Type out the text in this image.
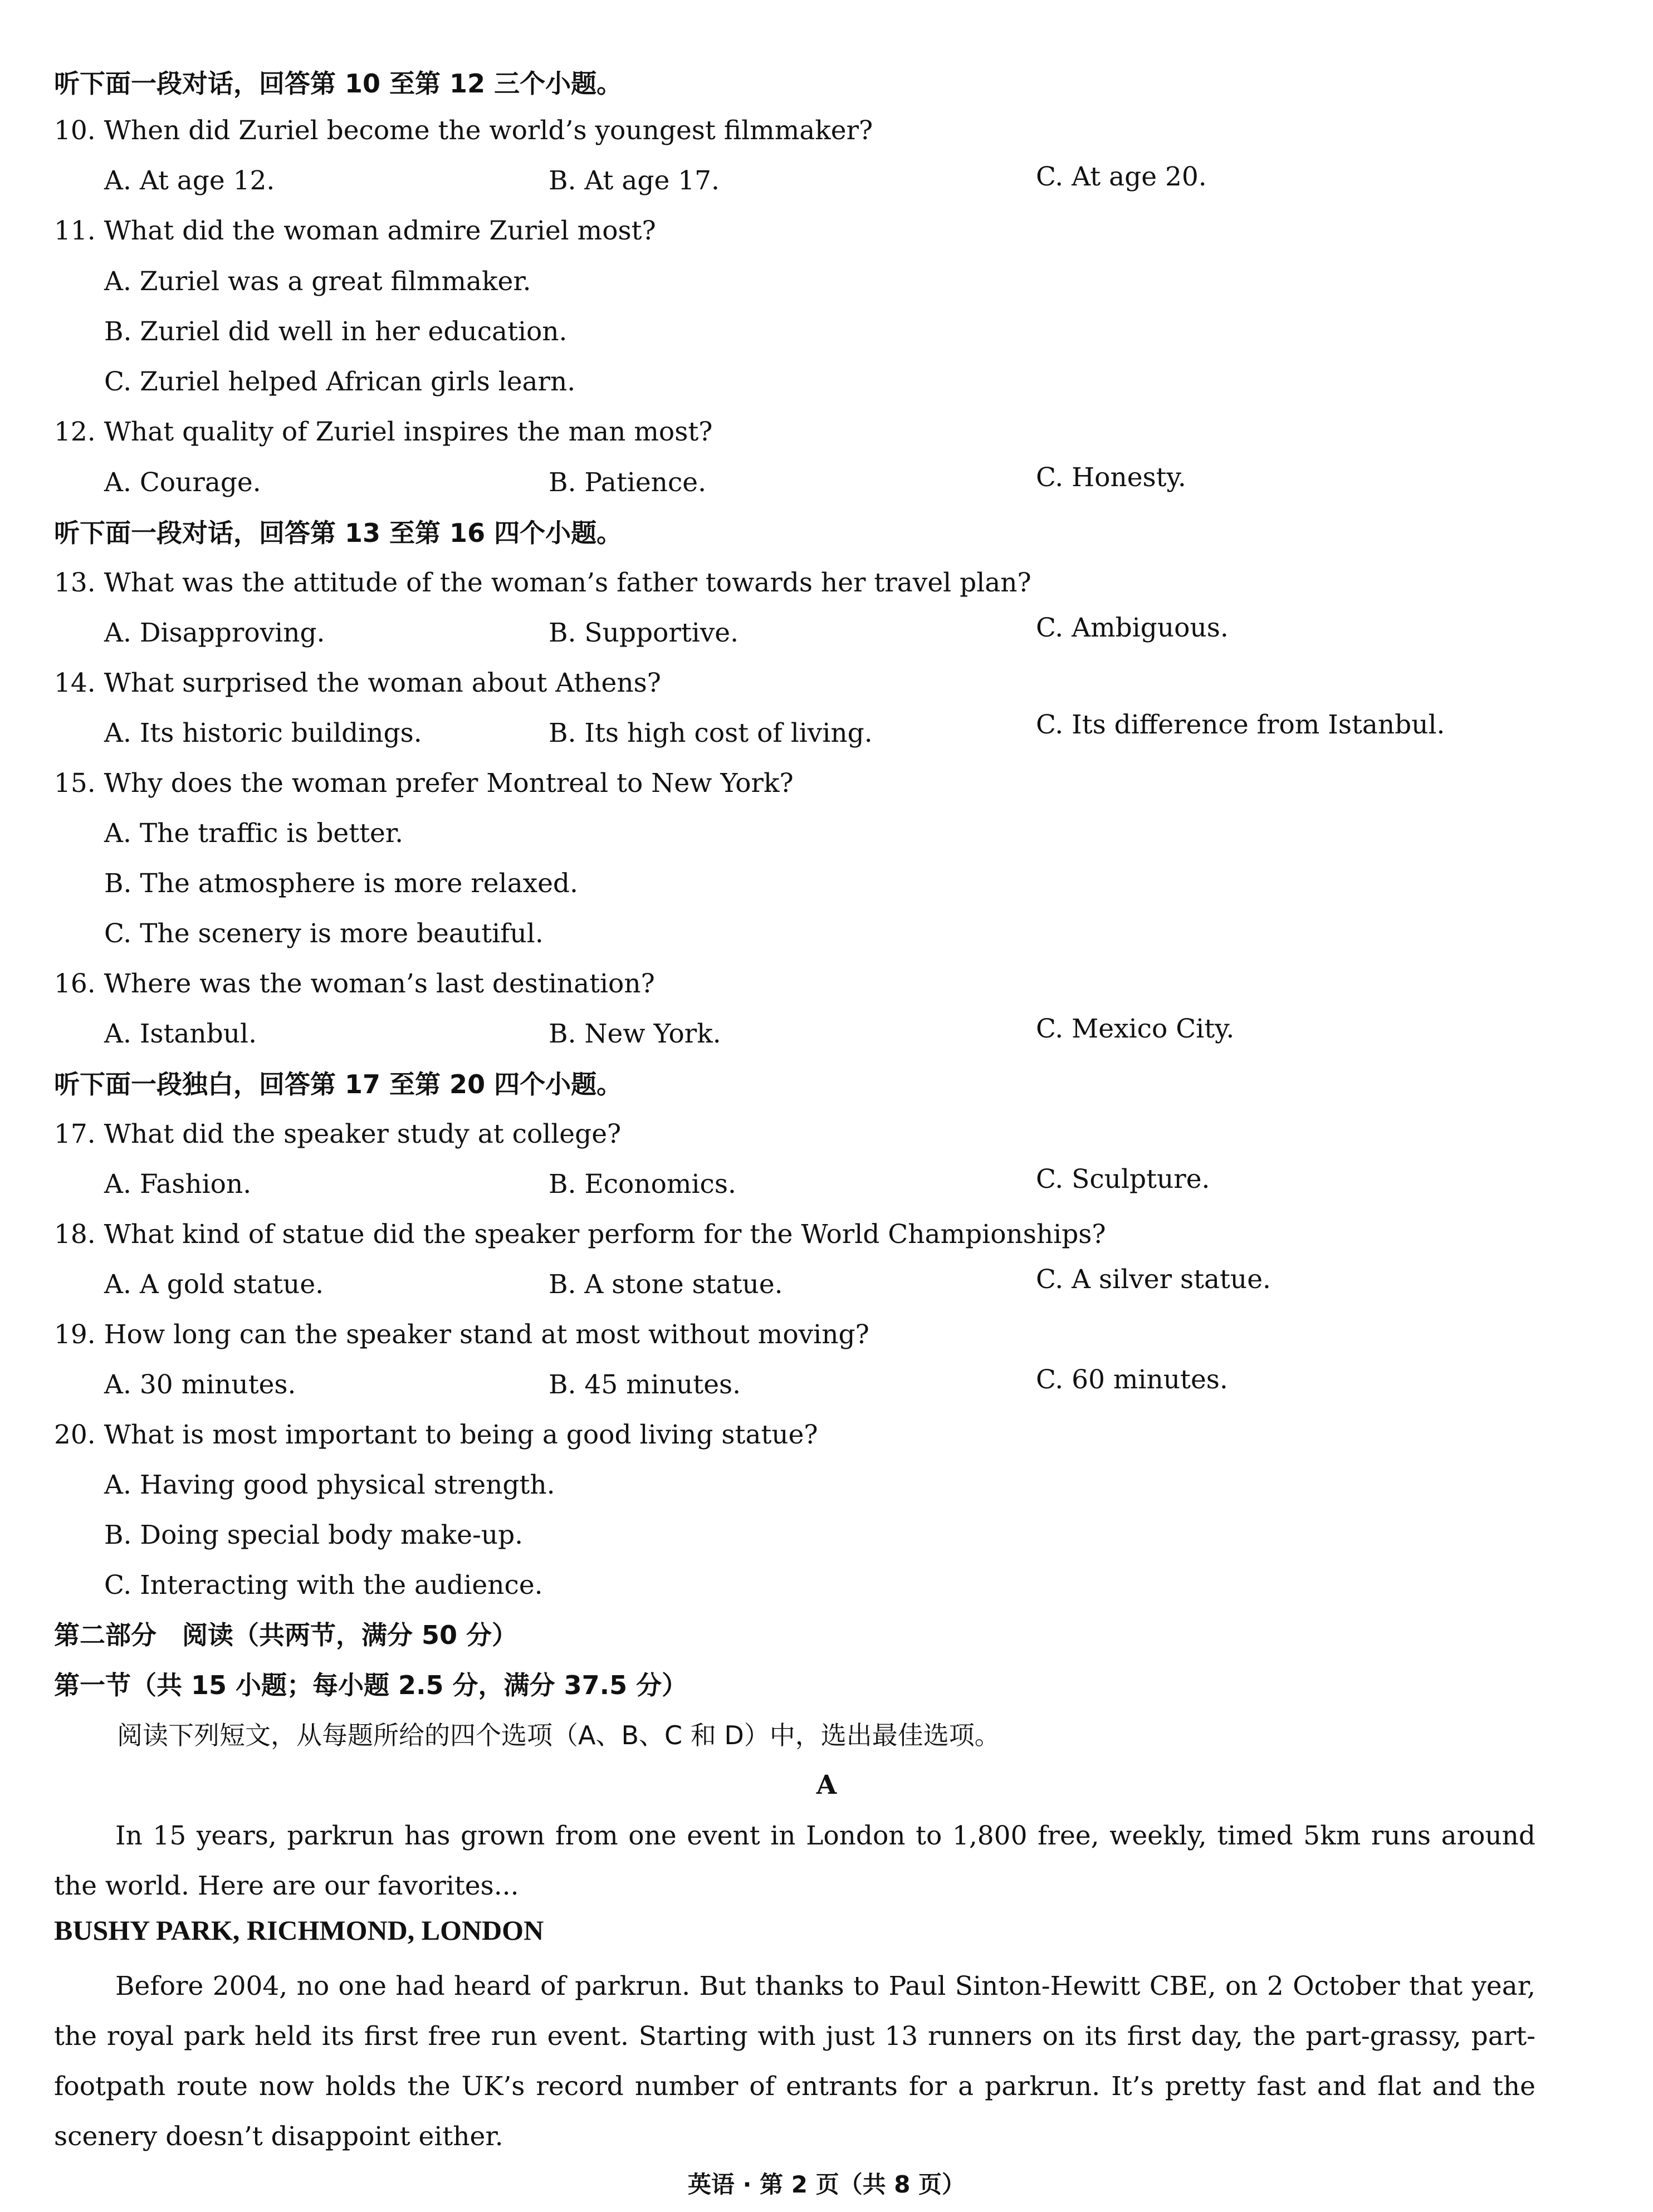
听下面一段对话，回答第 10 至第 12 三个小题。
10. When did Zuriel become the world’s youngest filmmaker?
A. At age 12.	B. At age 17.	C. At age 20.
11. What did the woman admire Zuriel most?
A. Zuriel was a great filmmaker.
B. Zuriel did well in her education.
C. Zuriel helped African girls learn.
12. What quality of Zuriel inspires the man most?
A. Courage.	B. Patience.	C. Honesty.
听下面一段对话，回答第 13 至第 16 四个小题。
13. What was the attitude of the woman’s father towards her travel plan?
A. Disapproving.	B. Supportive.	C. Ambiguous.
14. What surprised the woman about Athens?
A. Its historic buildings.	B. Its high cost of living.	C. Its difference from Istanbul.
15. Why does the woman prefer Montreal to New York?
A. The traffic is better.
B. The atmosphere is more relaxed.
C. The scenery is more beautiful.
16. Where was the woman’s last destination?
A. Istanbul.	B. New York.	C. Mexico City.
听下面一段独白，回答第 17 至第 20 四个小题。
17. What did the speaker study at college?
A. Fashion.	B. Economics.	C. Sculpture.
18. What kind of statue did the speaker perform for the World Championships?
A. A gold statue.	B. A stone statue.	C. A silver statue.
19. How long can the speaker stand at most without moving?
A. 30 minutes.	B. 45 minutes.	C. 60 minutes.
20. What is most important to being a good living statue?
A. Having good physical strength.
B. Doing special body make-up.
C. Interacting with the audience.
第二部分　阅读（共两节，满分 50 分）
第一节（共 15 小题；每小题 2.5 分，满分 37.5 分）
阅读下列短文，从每题所给的四个选项（A、B、C 和 D）中，选出最佳选项。
A
In 15 years, parkrun has grown from one event in London to 1,800 free, weekly, timed 5km runs around the world. Here are our favorites...
BUSHY PARK, RICHMOND, LONDON
Before 2004, no one had heard of parkrun. But thanks to Paul Sinton-Hewitt CBE, on 2 October that year, the royal park held its first free run event. Starting with just 13 runners on its first day, the part-grassy, part-footpath route now holds the UK’s record number of entrants for a parkrun. It’s pretty fast and flat and the scenery doesn’t disappoint either.
英语 · 第 2 页（共 8 页）
